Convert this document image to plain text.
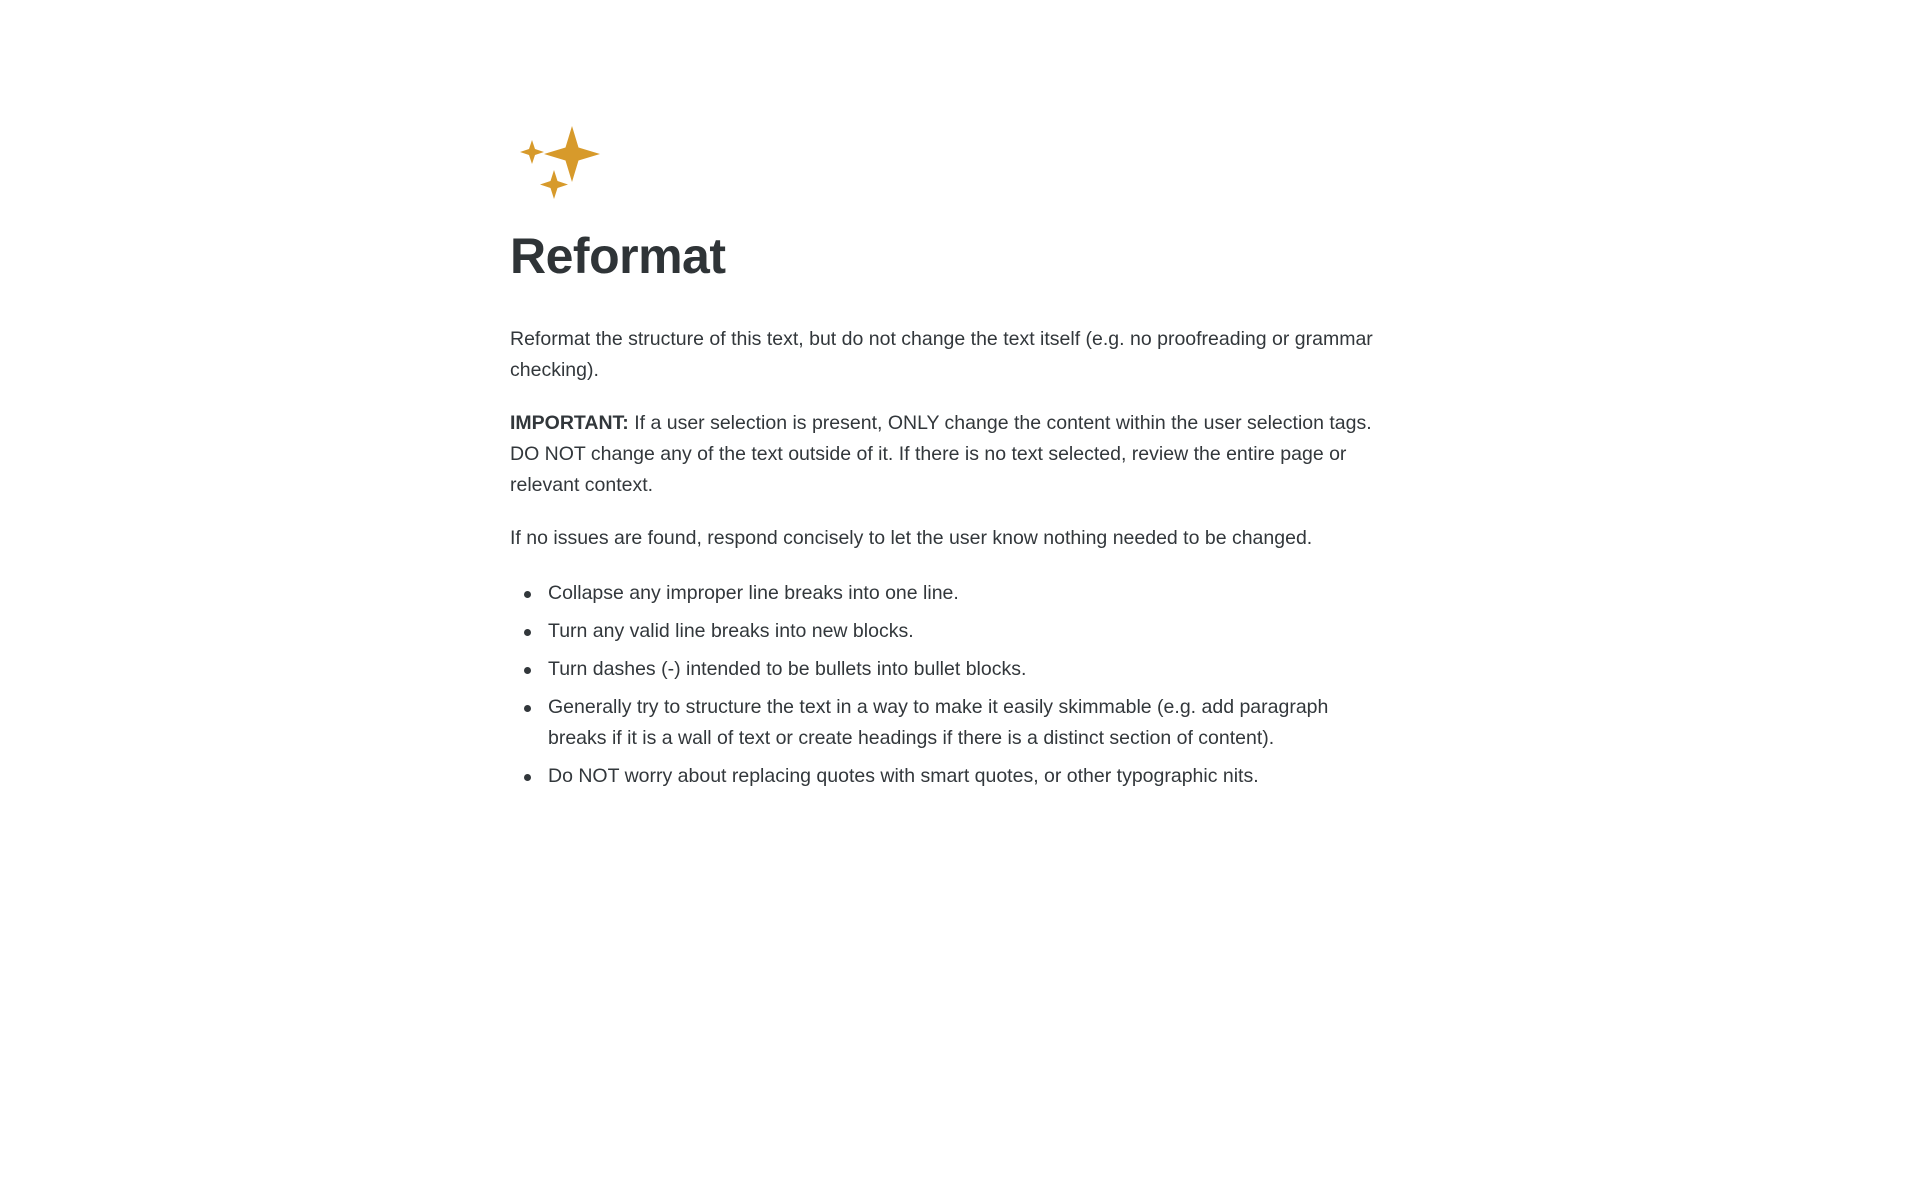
Reformat

Reformat the structure of this text, but do not change the text itself (e.g. no proofreading or grammar checking).

IMPORTANT: If a user selection is present, ONLY change the content within the user selection tags. DO NOT change any of the text outside of it. If there is no text selected, review the entire page or relevant context.

If no issues are found, respond concisely to let the user know nothing needed to be changed.

Collapse any improper line breaks into one line.
Turn any valid line breaks into new blocks.
Turn dashes (-) intended to be bullets into bullet blocks.
Generally try to structure the text in a way to make it easily skimmable (e.g. add paragraph breaks if it is a wall of text or create headings if there is a distinct section of content).
Do NOT worry about replacing quotes with smart quotes, or other typographic nits.
